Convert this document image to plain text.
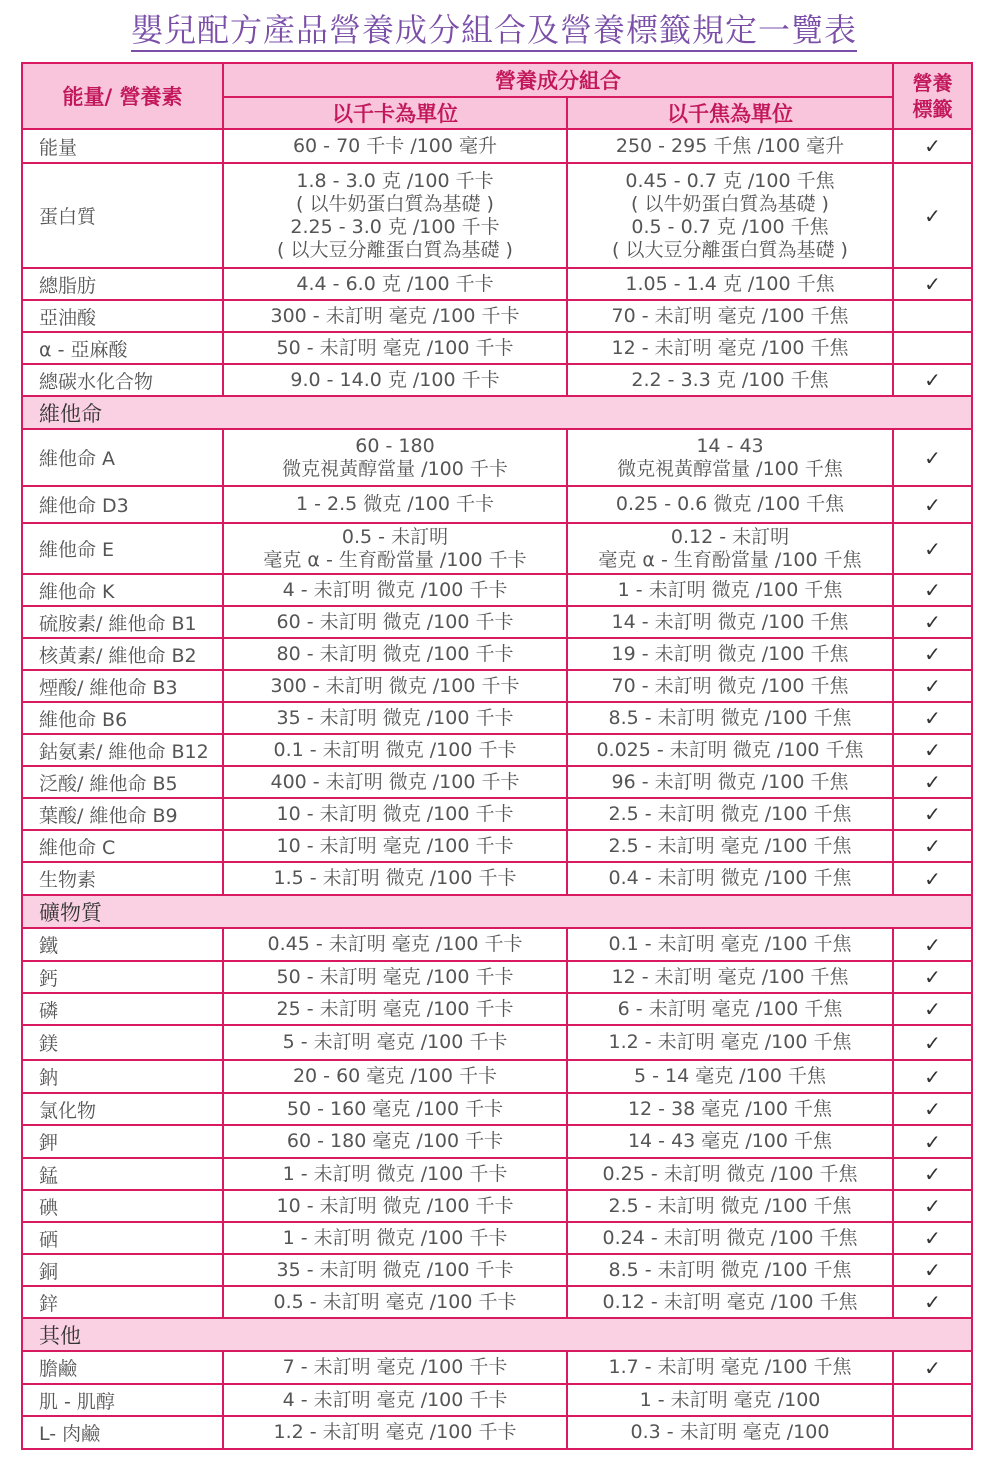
嬰兒配方產品營養成分組合及營養標籤規定一覽表
能量/ 營養素	營養成分組合		營養
標籤

	以千卡為單位	以千焦為單位	
能量	60 - 70 千卡 /100 毫升	250 - 295 千焦 /100 毫升	✓
蛋白質	1.8 - 3.0 克 /100 千卡
( 以牛奶蛋白質為基礎 )
2.25 - 3.0 克 /100 千卡
( 以大豆分離蛋白質為基礎 )	0.45 - 0.7 克 /100 千焦
( 以牛奶蛋白質為基礎 )
0.5 - 0.7 克 /100 千焦
( 以大豆分離蛋白質為基礎 )	✓
總脂肪	4.4 - 6.0 克 /100 千卡	1.05 - 1.4 克 /100 千焦	✓
亞油酸	300 - 未訂明 毫克 /100 千卡	70 - 未訂明 毫克 /100 千焦	

α - 亞麻酸	50 - 未訂明 毫克 /100 千卡	12 - 未訂明 毫克 /100 千焦	

總碳水化合物	9.0 - 14.0 克 /100 千卡	2.2 - 3.3 克 /100 千焦	✓
維他命			
維他命 A	60 - 180
微克視黃醇當量 /100 千卡	14 - 43
微克視黃醇當量 /100 千焦	✓
維他命 D3	1 - 2.5 微克 /100 千卡	0.25 - 0.6 微克 /100 千焦	✓
維他命 E	0.5 - 未訂明
毫克 α - 生育酚當量 /100 千卡	0.12 - 未訂明
毫克 α - 生育酚當量 /100 千焦	✓
維他命 K	4 - 未訂明 微克 /100 千卡	1 - 未訂明 微克 /100 千焦	✓
硫胺素/ 維他命 B1	60 - 未訂明 微克 /100 千卡	14 - 未訂明 微克 /100 千焦	✓
核黃素/ 維他命 B2	80 - 未訂明 微克 /100 千卡	19 - 未訂明 微克 /100 千焦	✓
煙酸/ 維他命 B3	300 - 未訂明 微克 /100 千卡	70 - 未訂明 微克 /100 千焦	✓
維他命 B6	35 - 未訂明 微克 /100 千卡	8.5 - 未訂明 微克 /100 千焦	✓
鈷氨素/ 維他命 B12	0.1 - 未訂明 微克 /100 千卡	0.025 - 未訂明 微克 /100 千焦	✓
泛酸/ 維他命 B5	400 - 未訂明 微克 /100 千卡	96 - 未訂明 微克 /100 千焦	✓
葉酸/ 維他命 B9	10 - 未訂明 微克 /100 千卡	2.5 - 未訂明 微克 /100 千焦	✓
維他命 C	10 - 未訂明 毫克 /100 千卡	2.5 - 未訂明 毫克 /100 千焦	✓
生物素	1.5 - 未訂明 微克 /100 千卡	0.4 - 未訂明 微克 /100 千焦	✓
礦物質			
鐵	0.45 - 未訂明 毫克 /100 千卡	0.1 - 未訂明 毫克 /100 千焦	✓
鈣	50 - 未訂明 毫克 /100 千卡	12 - 未訂明 毫克 /100 千焦	✓
磷	25 - 未訂明 毫克 /100 千卡	6 - 未訂明 毫克 /100 千焦	✓
鎂	5 - 未訂明 毫克 /100 千卡	1.2 - 未訂明 毫克 /100 千焦	✓
鈉	20 - 60 毫克 /100 千卡	5 - 14 毫克 /100 千焦	✓
氯化物	50 - 160 毫克 /100 千卡	12 - 38 毫克 /100 千焦	✓
鉀	60 - 180 毫克 /100 千卡	14 - 43 毫克 /100 千焦	✓
錳	1 - 未訂明 微克 /100 千卡	0.25 - 未訂明 微克 /100 千焦	✓
碘	10 - 未訂明 微克 /100 千卡	2.5 - 未訂明 微克 /100 千焦	✓
硒	1 - 未訂明 微克 /100 千卡	0.24 - 未訂明 微克 /100 千焦	✓
銅	35 - 未訂明 微克 /100 千卡	8.5 - 未訂明 微克 /100 千焦	✓
鋅	0.5 - 未訂明 毫克 /100 千卡	0.12 - 未訂明 毫克 /100 千焦	✓
其他			
膽鹼	7 - 未訂明 毫克 /100 千卡	1.7 - 未訂明 毫克 /100 千焦	✓
肌 - 肌醇	4 - 未訂明 毫克 /100 千卡	1 - 未訂明 毫克 /100	

L- 肉鹼	1.2 - 未訂明 毫克 /100 千卡	0.3 - 未訂明 毫克 /100	
